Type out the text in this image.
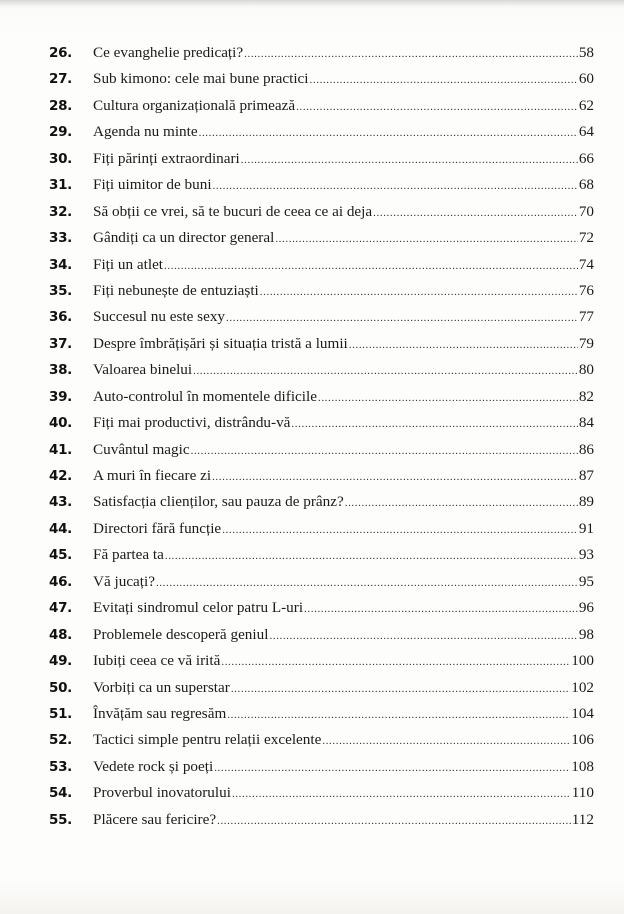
26. Ce evanghelie predicați? .....	58
27. Sub kimono: cele mai bune practici .....	60
28. Cultura organizațională primează .....	62
29. Agenda nu minte .....	64
30. Fiți părinți extraordinari .....	66
31. Fiți uimitor de buni .....	68
32. Să obții ce vrei, să te bucuri de ceea ce ai deja .....	70
33. Gândiți ca un director general .....	72
34. Fiți un atlet .....	74
35. Fiți nebunește de entuziaști .....	76
36. Succesul nu este sexy .....	77
37. Despre îmbrățișări și situația tristă a lumii .....	79
38. Valoarea binelui .....	80
39. Auto-controlul în momentele dificile .....	82
40. Fiți mai productivi, distrându-vă .....	84
41. Cuvântul magic .....	86
42. A muri în fiecare zi .....	87
43. Satisfacția clienților, sau pauza de prânz? .....	89
44. Directori fără funcție .....	91
45. Fă partea ta .....	93
46. Vă jucați? .....	95
47. Evitați sindromul celor patru L-uri .....	96
48. Problemele descoperă geniul .....	98
49. Iubiți ceea ce vă irită .....	100
50. Vorbiți ca un superstar .....	102
51. Învățăm sau regresăm .....	104
52. Tactici simple pentru relații excelente .....	106
53. Vedete rock și poeți .....	108
54. Proverbul inovatorului .....	110
55. Plăcere sau fericire? .....	112
